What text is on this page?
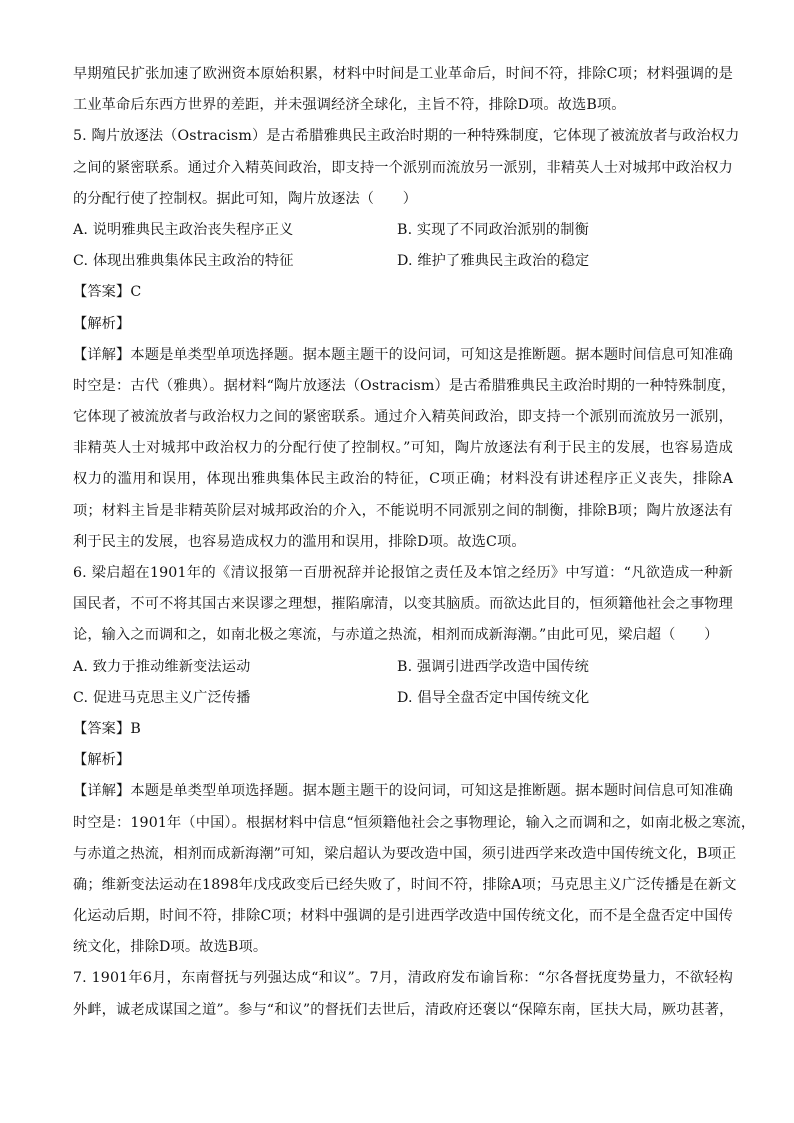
早期殖民扩张加速了欧洲资本原始积累，材料中时间是工业革命后，时间不符，排除C项；材料强调的是
工业革命后东西方世界的差距，并未强调经济全球化，主旨不符，排除D项。故选B项。
5. 陶片放逐法（Ostracism）是古希腊雅典民主政治时期的一种特殊制度，它体现了被流放者与政治权力
之间的紧密联系。通过介入精英间政治，即支持一个派别而流放另一派别，非精英人士对城邦中政治权力
的分配行使了控制权。据此可知，陶片放逐法（　　）
A. 说明雅典民主政治丧失程序正义	B. 实现了不同政治派别的制衡
C. 体现出雅典集体民主政治的特征	D. 维护了雅典民主政治的稳定
【答案】C
【解析】
【详解】本题是单类型单项选择题。据本题主题干的设问词，可知这是推断题。据本题时间信息可知准确
时空是：古代（雅典）。据材料“陶片放逐法（Ostracism）是古希腊雅典民主政治时期的一种特殊制度，
它体现了被流放者与政治权力之间的紧密联系。通过介入精英间政治，即支持一个派别而流放另一派别，
非精英人士对城邦中政治权力的分配行使了控制权。”可知，陶片放逐法有利于民主的发展，也容易造成
权力的滥用和误用，体现出雅典集体民主政治的特征，C项正确；材料没有讲述程序正义丧失，排除A
项；材料主旨是非精英阶层对城邦政治的介入，不能说明不同派别之间的制衡，排除B项；陶片放逐法有
利于民主的发展，也容易造成权力的滥用和误用，排除D项。故选C项。
6. 梁启超在1901年的《清议报第一百册祝辞并论报馆之责任及本馆之经历》中写道：“凡欲造成一种新
国民者，不可不将其国古来误谬之理想，摧陷廓清，以变其脑质。而欲达此目的，恒须籍他社会之事物理
论，输入之而调和之，如南北极之寒流，与赤道之热流，相剂而成新海潮。”由此可见，梁启超（　　）
A. 致力于推动维新变法运动	B. 强调引进西学改造中国传统
C. 促进马克思主义广泛传播	D. 倡导全盘否定中国传统文化
【答案】B
【解析】
【详解】本题是单类型单项选择题。据本题主题干的设问词，可知这是推断题。据本题时间信息可知准确
时空是：1901年（中国）。根据材料中信息“恒须籍他社会之事物理论，输入之而调和之，如南北极之寒流，
与赤道之热流，相剂而成新海潮”可知，梁启超认为要改造中国，须引进西学来改造中国传统文化，B项正
确；维新变法运动在1898年戊戌政变后已经失败了，时间不符，排除A项；马克思主义广泛传播是在新文
化运动后期，时间不符，排除C项；材料中强调的是引进西学改造中国传统文化，而不是全盘否定中国传
统文化，排除D项。故选B项。
7. 1901年6月，东南督抚与列强达成“和议”。7月，清政府发布谕旨称：“尔各督抚度势量力，不欲轻构
外衅，诚老成谋国之道”。参与“和议”的督抚们去世后，清政府还褒以“保障东南，匡扶大局，厥功甚著，
